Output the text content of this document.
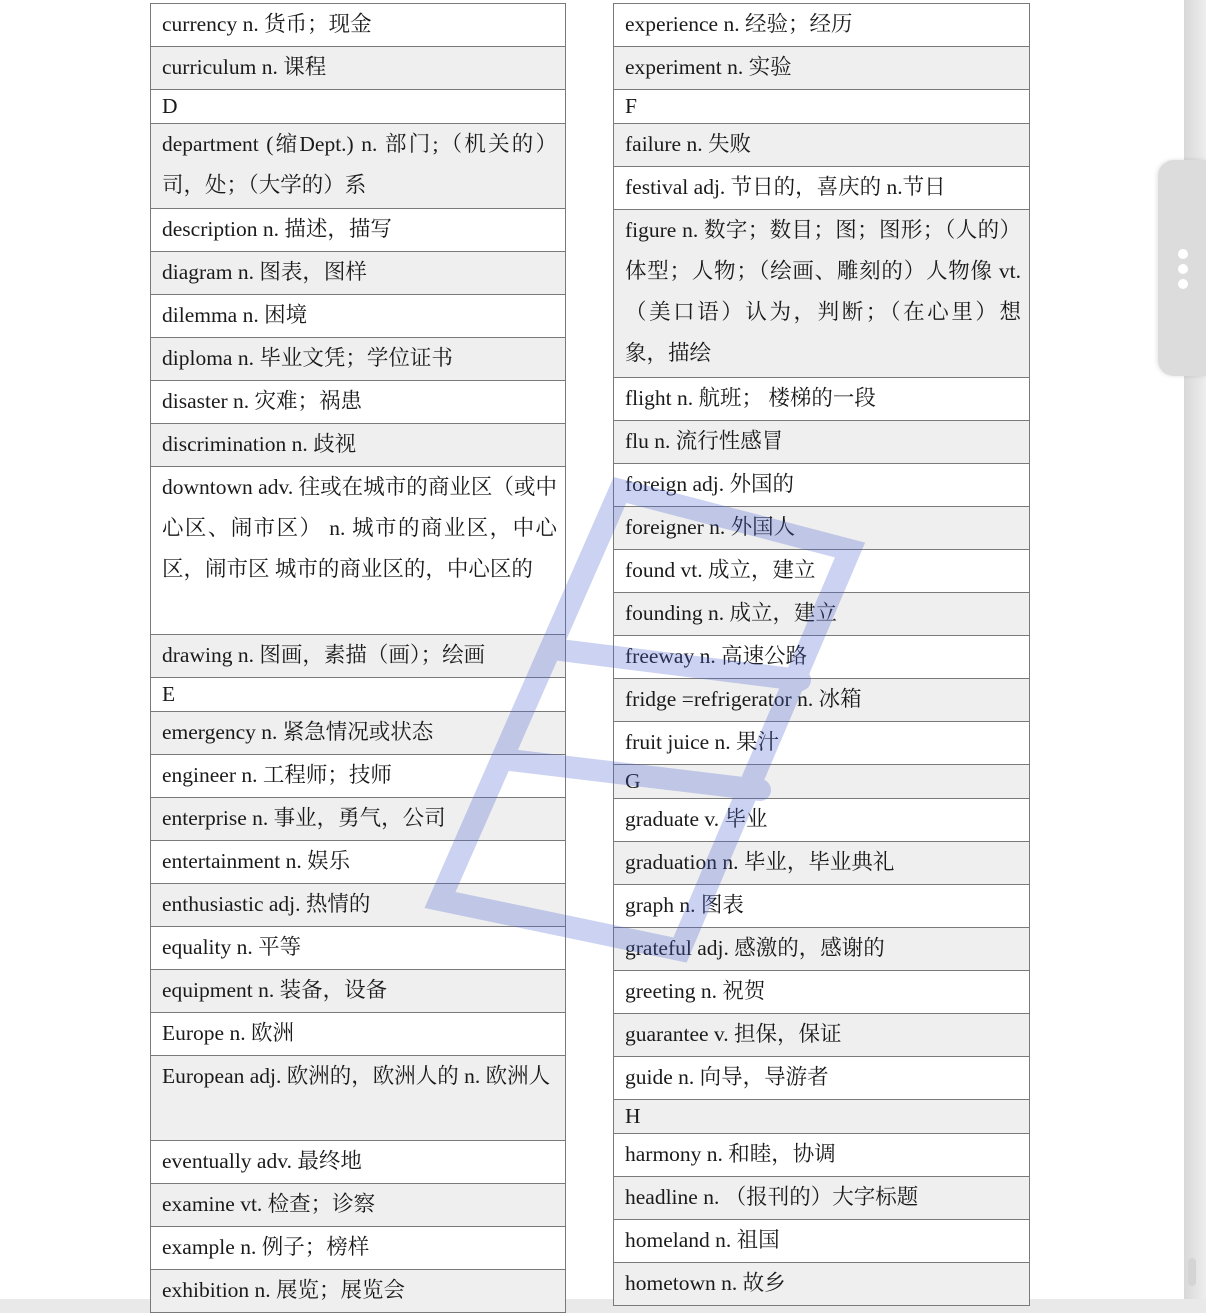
currency n. 货币；现金
curriculum n. 课程
D
department (缩Dept.) n. 部门;（机关的）司，处；（大学的）系
description n. 描述，描写
diagram n. 图表，图样
dilemma n. 困境
diploma n. 毕业文凭；学位证书
disaster n. 灾难；祸患
discrimination n. 歧视
downtown adv. 往或在城市的商业区（或中心区、闹市区） n. 城市的商业区，中心区，闹市区 城市的商业区的，中心区的
drawing n. 图画，素描（画）；绘画
E
emergency n. 紧急情况或状态
engineer n. 工程师；技师
enterprise n. 事业，勇气，公司
entertainment n. 娱乐
enthusiastic adj. 热情的
equality n. 平等
equipment n. 装备，设备
Europe n. 欧洲
European adj. 欧洲的，欧洲人的 n. 欧洲人
eventually adv. 最终地
examine vt. 检查；诊察
example n. 例子；榜样
exhibition n. 展览；展览会
experience n. 经验；经历
experiment n. 实验
F
failure n. 失败
festival adj. 节日的，喜庆的 n.节日
figure n. 数字；数目；图；图形；（人的）体型；人物；（绘画、雕刻的）人物像 vt. （美口语）认为，判断；（在心里）想象，描绘
flight n. 航班； 楼梯的一段
flu n. 流行性感冒
foreign adj. 外国的
foreigner n. 外国人
found vt. 成立，建立
founding n. 成立，建立
freeway n. 高速公路
fridge =refrigerator n. 冰箱
fruit juice n. 果汁
G
graduate v. 毕业
graduation n. 毕业，毕业典礼
graph n. 图表
grateful adj. 感激的，感谢的
greeting n. 祝贺
guarantee v. 担保，保证
guide n. 向导，导游者
H
harmony n. 和睦，协调
headline n. （报刊的）大字标题
homeland n. 祖国
hometown n. 故乡
